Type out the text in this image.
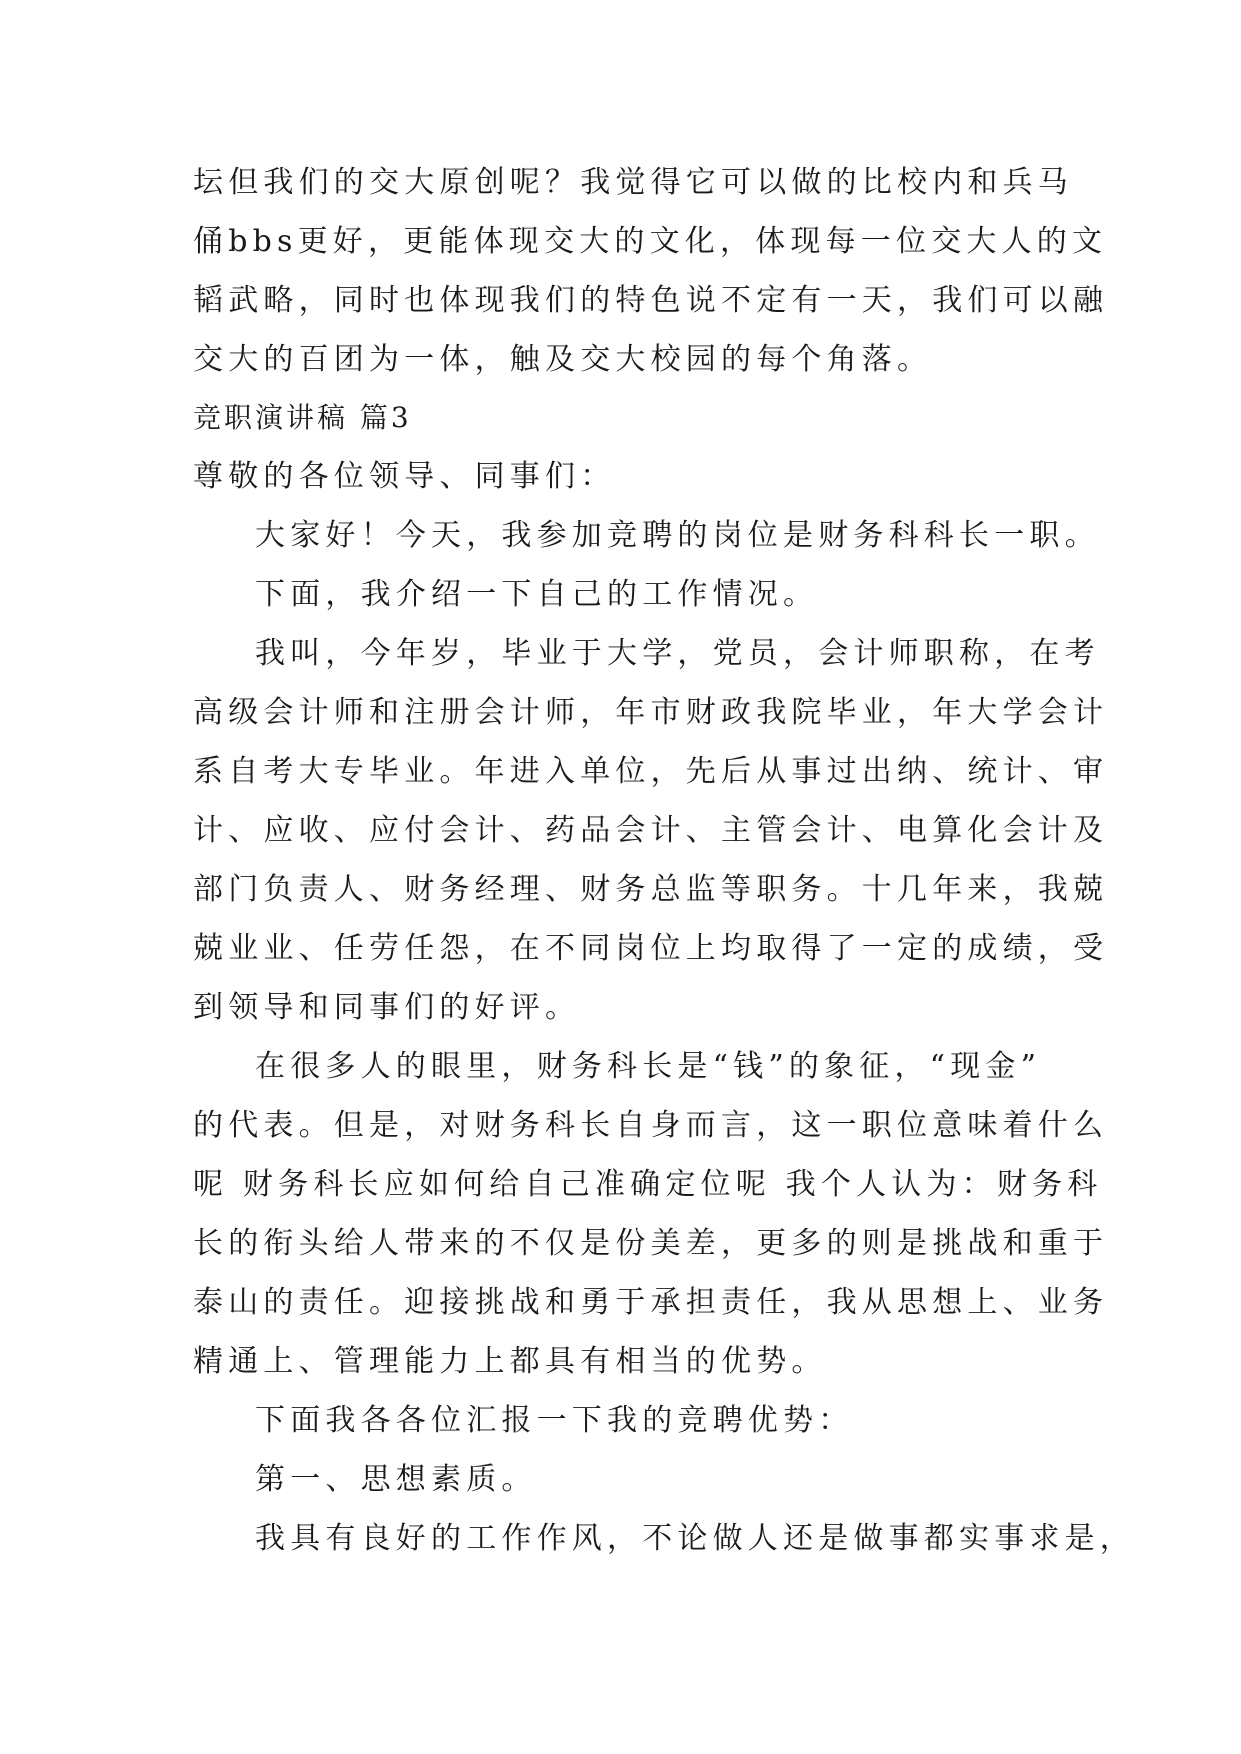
坛但我们的交大原创呢？我觉得它可以做的比校内和兵马
俑bbs更好，更能体现交大的文化，体现每一位交大人的文
韬武略，同时也体现我们的特色说不定有一天，我们可以融
交大的百团为一体，触及交大校园的每个角落。
竞职演讲稿 篇3
尊敬的各位领导、同事们：
大家好！今天，我参加竞聘的岗位是财务科科长一职。
下面，我介绍一下自己的工作情况。
我叫，今年岁，毕业于大学，党员，会计师职称，在考
高级会计师和注册会计师，年市财政我院毕业，年大学会计
系自考大专毕业。年进入单位，先后从事过出纳、统计、审
计、应收、应付会计、药品会计、主管会计、电算化会计及
部门负责人、财务经理、财务总监等职务。十几年来，我兢
兢业业、任劳任怨，在不同岗位上均取得了一定的成绩，受
到领导和同事们的好评。
在很多人的眼里，财务科长是“钱”的象征，“现金”
的代表。但是，对财务科长自身而言，这一职位意味着什么
呢 财务科长应如何给自己准确定位呢 我个人认为：财务科
长的衔头给人带来的不仅是份美差，更多的则是挑战和重于
泰山的责任。迎接挑战和勇于承担责任，我从思想上、业务
精通上、管理能力上都具有相当的优势。
下面我各各位汇报一下我的竞聘优势：
第一、思想素质。
我具有良好的工作作风，不论做人还是做事都实事求是，
